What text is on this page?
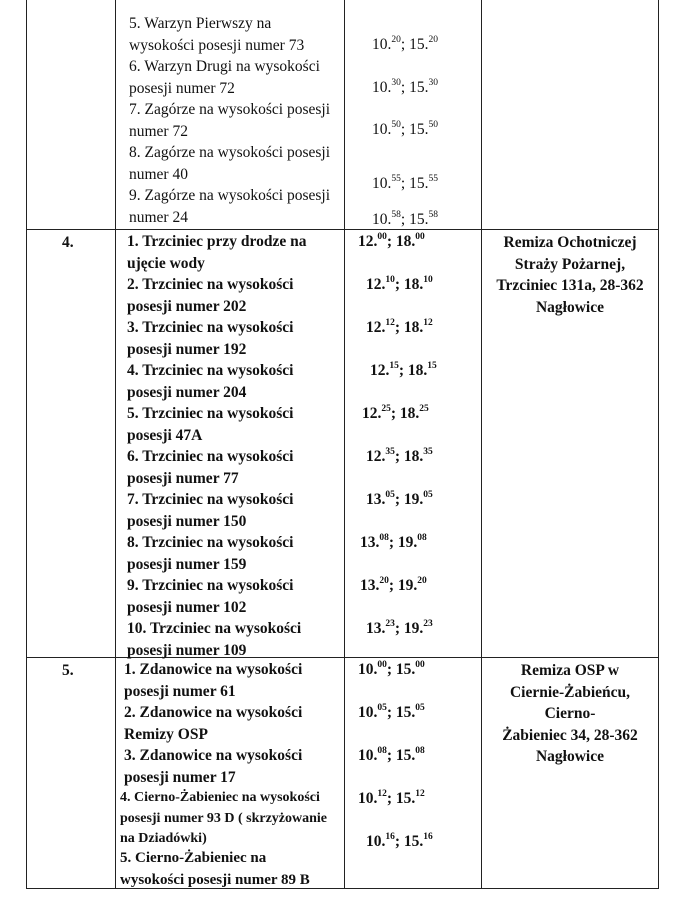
5. Warzyn Pierwszy na
wysokości posesji numer 73
6. Warzyn Drugi na wysokości
posesji numer 72
7. Zagórze na wysokości posesji
numer 72
8. Zagórze na wysokości posesji
numer 40
9. Zagórze na wysokości posesji
numer 24
10.20; 15.20
10.30; 15.30
10.50; 15.50
10.55; 15.55
10.58; 15.58
4.	Remiza Ochotniczej
Straży Pożarnej,
Trzciniec 131a, 28-362
Nagłowice
1. Trzciniec przy drodze na
ujęcie wody
2. Trzciniec na wysokości
posesji numer 202
3. Trzciniec na wysokości
posesji numer 192
4. Trzciniec na wysokości
posesji numer 204
5. Trzciniec na wysokości
posesji 47A
6. Trzciniec na wysokości
posesji numer 77
7. Trzciniec na wysokości
posesji numer 150
8. Trzciniec na wysokości
posesji numer 159
9. Trzciniec na wysokości
posesji numer 102
10. Trzciniec na wysokości
posesji numer 109
12.00; 18.00
12.10; 18.10
12.12; 18.12
12.15; 18.15
12.25; 18.25
12.35; 18.35
13.05; 19.05
13.08; 19.08
13.20; 19.20
13.23; 19.23
5.	Remiza OSP w
Ciernie-Żabieńcu,
Cierno-
Żabieniec 34, 28-362
Nagłowice
1. Zdanowice na wysokości
posesji numer 61
2. Zdanowice na wysokości
Remizy OSP
3. Zdanowice na wysokości
posesji numer 17
4. Cierno-Żabieniec na wysokości
posesji numer 93 D ( skrzyżowanie
na Dziadówki)
5. Cierno-Żabieniec na
wysokości posesji numer 89 B
10.00; 15.00
10.05; 15.05
10.08; 15.08
10.12; 15.12
10.16; 15.16
